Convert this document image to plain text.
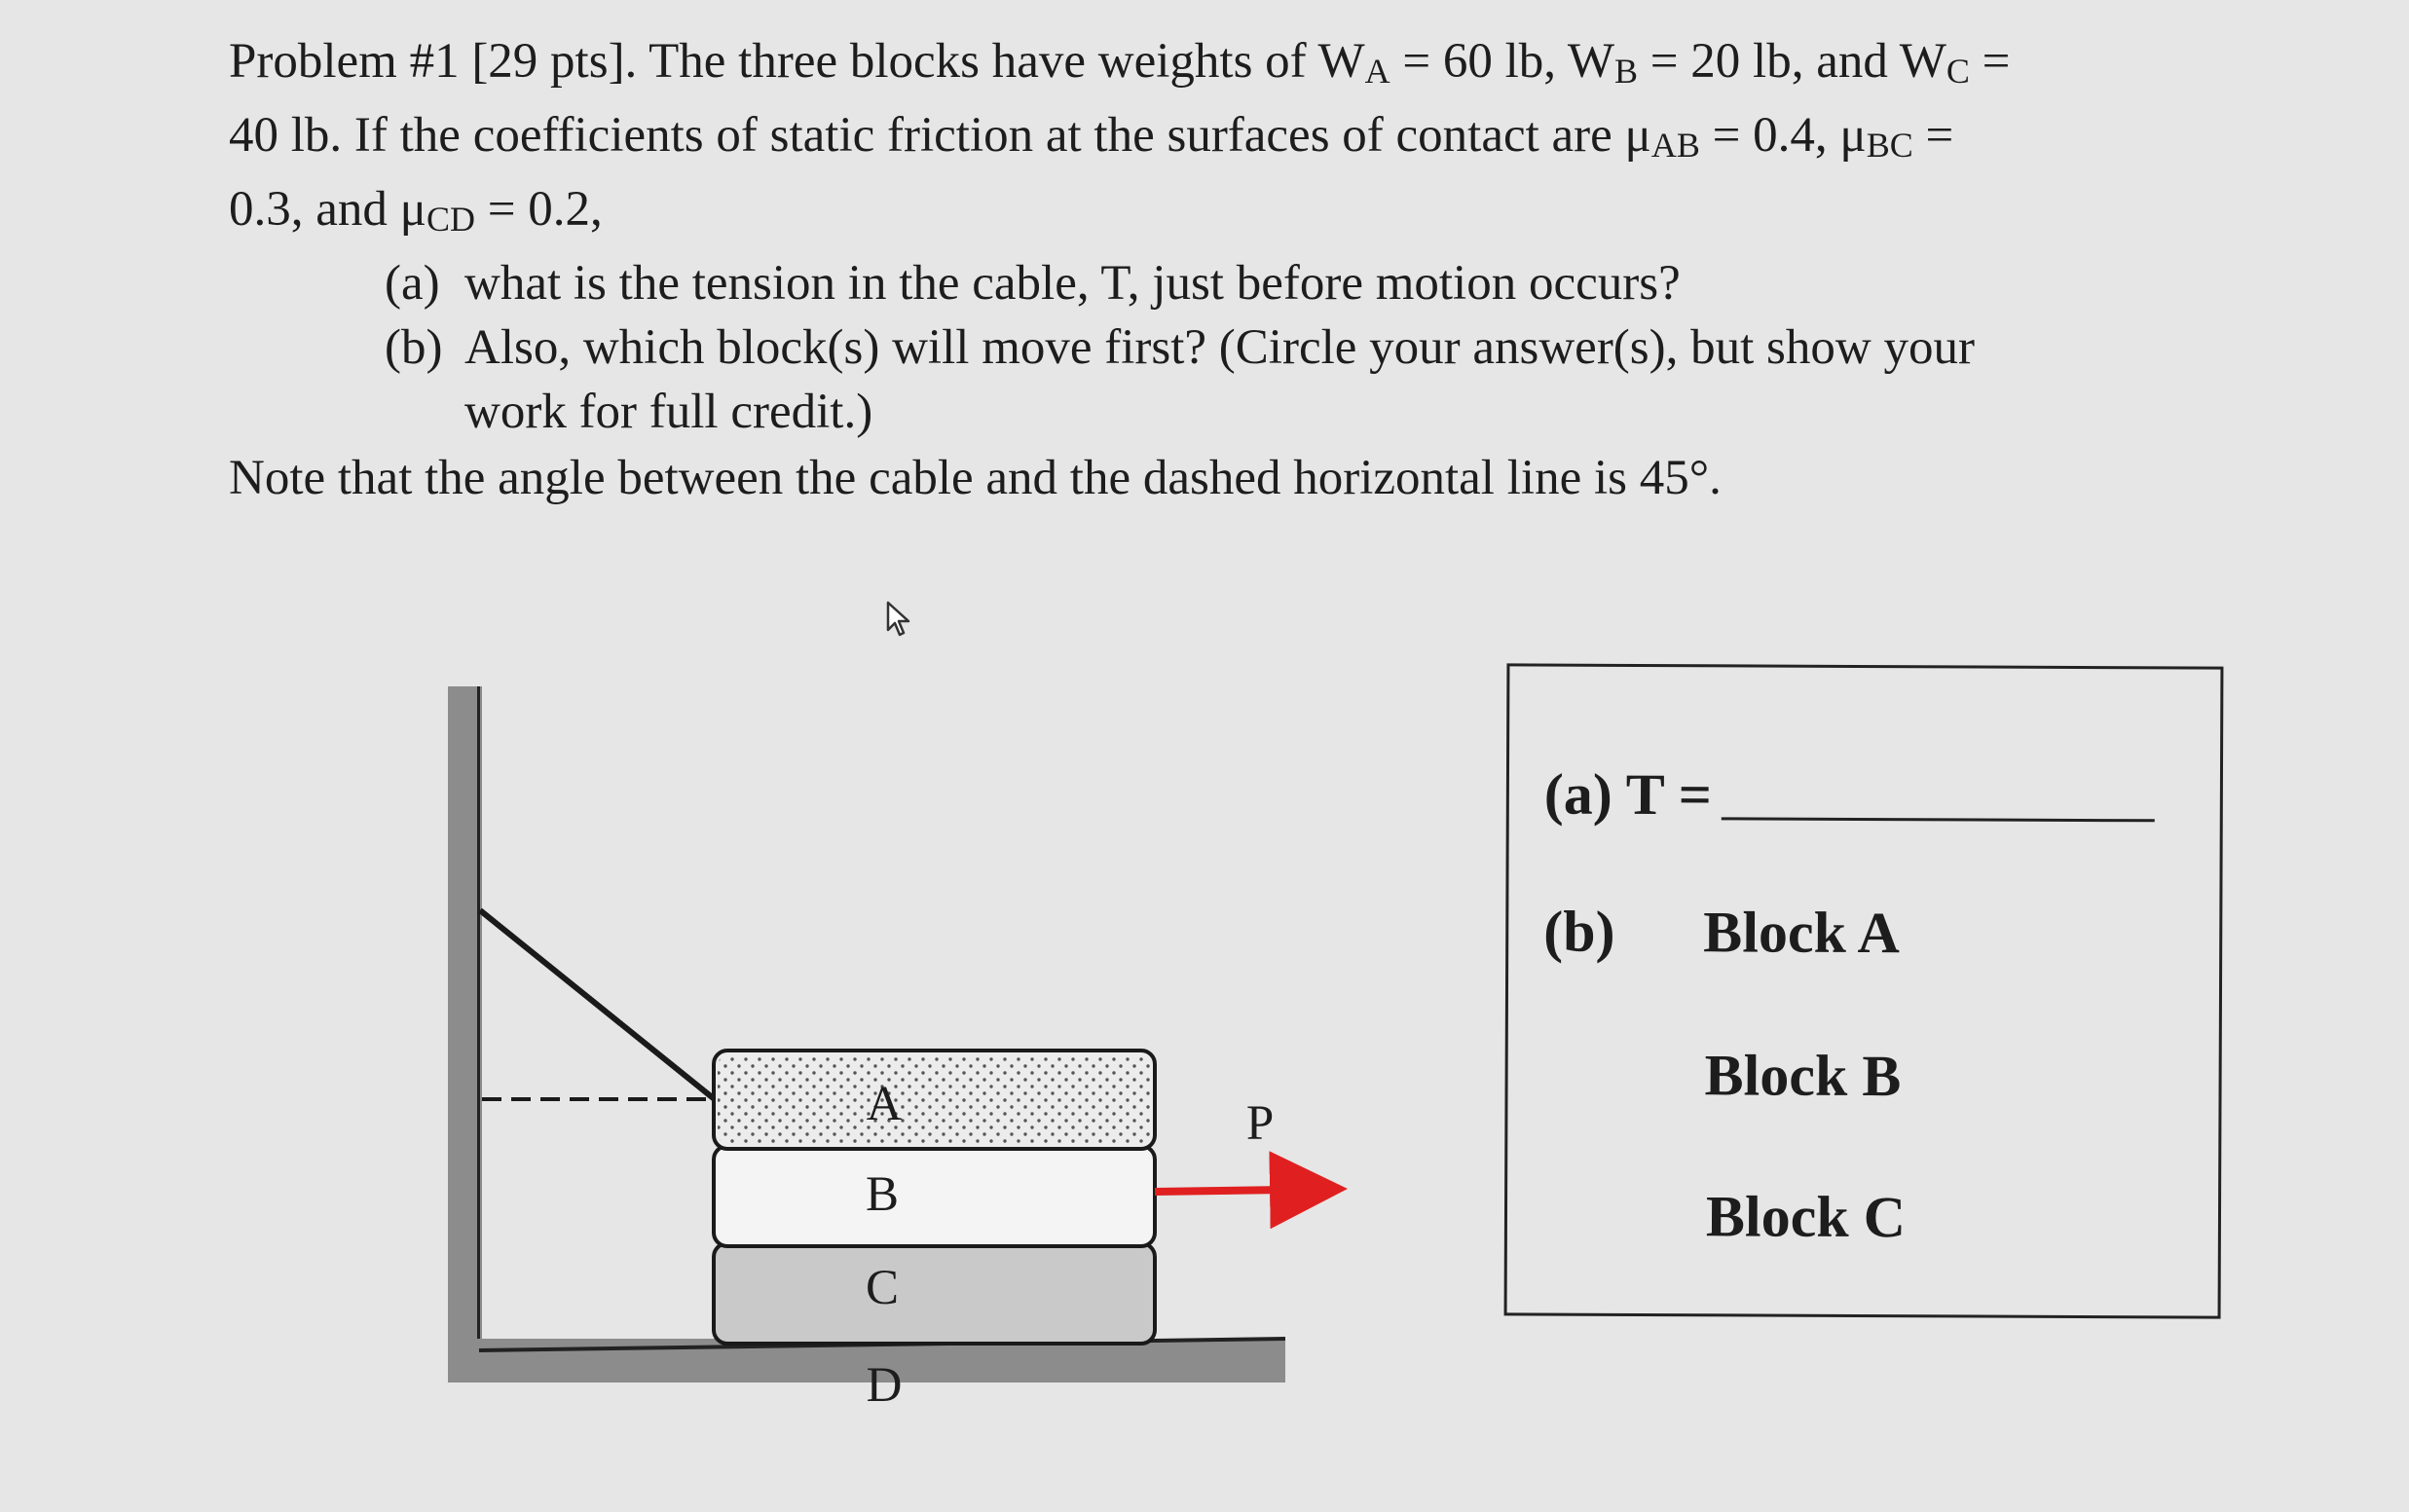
Problem #1 [29 pts]. The three blocks have weights of WA = 60 lb, WB = 20 lb, and WC =
40 lb. If the coefficients of static friction at the surfaces of contact are μAB = 0.4, μBC =
0.3, and μCD = 0.2,
(a) what is the tension in the cable, T, just before motion occurs?
(b) Also, which block(s) will move first? (Circle your answer(s), but show your
work for full credit.)
Note that the angle between the cable and the dashed horizontal line is 45°.
A
B
C
D
P
(a) T =
(b) Block A
Block B
Block C
